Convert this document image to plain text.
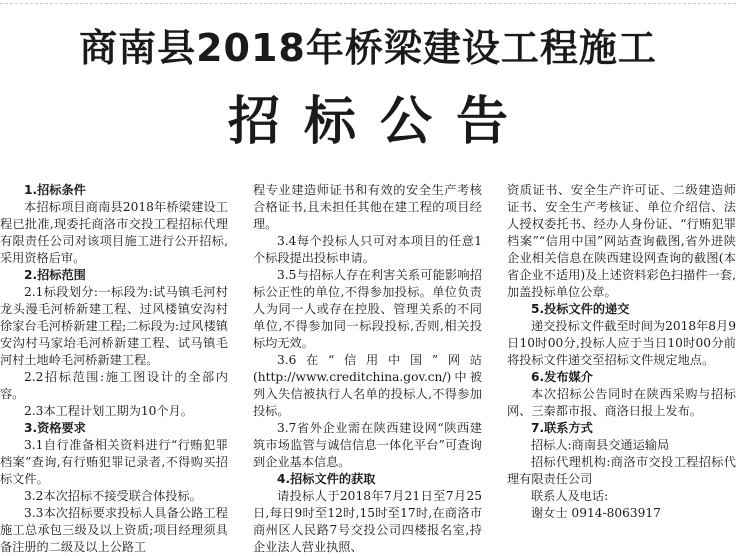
商南县2018年桥梁建设工程施工
招标公告
1.招标条件
本招标项目商南县2018年桥梁建设工程已批准,现委托商洛市交投工程招标代理有限责任公司对该项目施工进行公开招标,采用资格后审。
2.招标范围
2.1标段划分:一标段为:试马镇毛河村龙头漫毛河桥新建工程、过风楼镇安沟村徐家台毛河桥新建工程;二标段为:过风楼镇安沟村马家坮毛河桥新建工程、试马镇毛河村土地岭毛河桥新建工程。
2.2招标范围:施工图设计的全部内容。
2.3本工程计划工期为10个月。
3.资格要求
3.1自行准备相关资料进行“行贿犯罪档案”查询,有行贿犯罪记录者,不得购买招标文件。
3.2本次招标不接受联合体投标。
3.3本次招标要求投标人具备公路工程施工总承包三级及以上资质;项目经理须具备注册的二级及以上公路工
程专业建造师证书和有效的安全生产考核合格证书,且未担任其他在建工程的项目经理。
3.4每个投标人只可对本项目的任意1个标段提出投标申请。
3.5与招标人存在利害关系可能影响招标公正性的单位,不得参加投标。单位负责人为同一人或存在控股、管理关系的不同单位,不得参加同一标段投标,否则,相关投标均无效。
3.6在“信用中国”网站(http://www.creditchina.gov.cn/)中被列入失信被执行人名单的投标人,不得参加投标。
3.7省外企业需在陕西建设网“陕西建筑市场监管与诚信信息一体化平台”可查询到企业基本信息。
4.招标文件的获取
请投标人于2018年7月21日至7月25日,每日9时至12时,15时至17时,在商洛市商州区人民路7号交投公司四楼报名室,持企业法人营业执照、
资质证书、安全生产许可证、二级建造师证书、安全生产考核证、单位介绍信、法人授权委托书、经办人身份证、“行贿犯罪档案”“信用中国”网站查询截图,省外进陕企业相关信息在陕西建设网查询的截图(本省企业不适用)及上述资料彩色扫描件一套,加盖投标单位公章。
5.投标文件的递交
递交投标文件截至时间为2018年8月9日10时00分,投标人应于当日10时00分前将投标文件递交至招标文件规定地点。
6.发布媒介
本次招标公告同时在陕西采购与招标网、三秦都市报、商洛日报上发布。
7.联系方式
招标人:商南县交通运输局
招标代理机构:商洛市交投工程招标代理有限责任公司
联系人及电话:
谢女士 0914-8063917
